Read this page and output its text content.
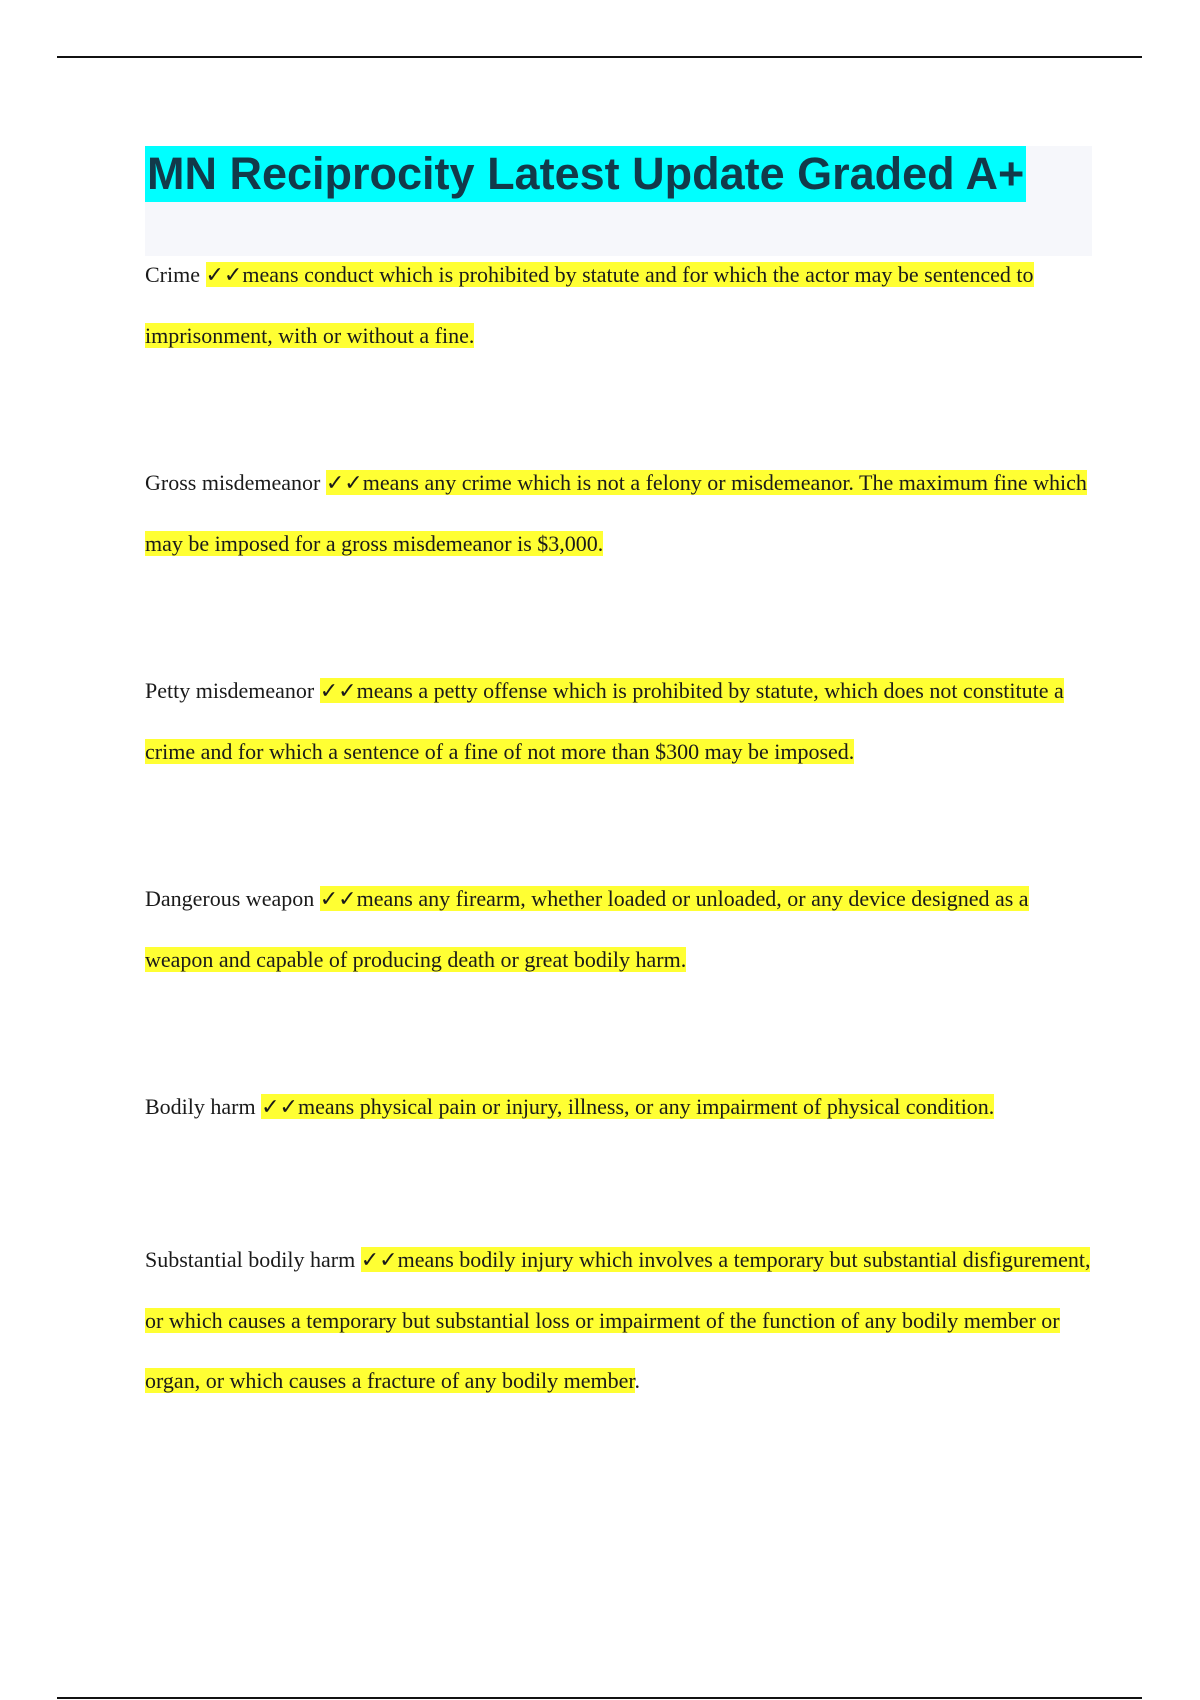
MN Reciprocity Latest Update Graded A+
Crime ✓✓means conduct which is prohibited by statute and for which the actor may be sentenced to imprisonment, with or without a fine.
Gross misdemeanor ✓✓means any crime which is not a felony or misdemeanor. The maximum fine which may be imposed for a gross misdemeanor is $3,000.
Petty misdemeanor ✓✓means a petty offense which is prohibited by statute, which does not constitute a crime and for which a sentence of a fine of not more than $300 may be imposed.
Dangerous weapon ✓✓means any firearm, whether loaded or unloaded, or any device designed as a weapon and capable of producing death or great bodily harm.
Bodily harm ✓✓means physical pain or injury, illness, or any impairment of physical condition.
Substantial bodily harm ✓✓means bodily injury which involves a temporary but substantial disfigurement, or which causes a temporary but substantial loss or impairment of the function of any bodily member or organ, or which causes a fracture of any bodily member.
